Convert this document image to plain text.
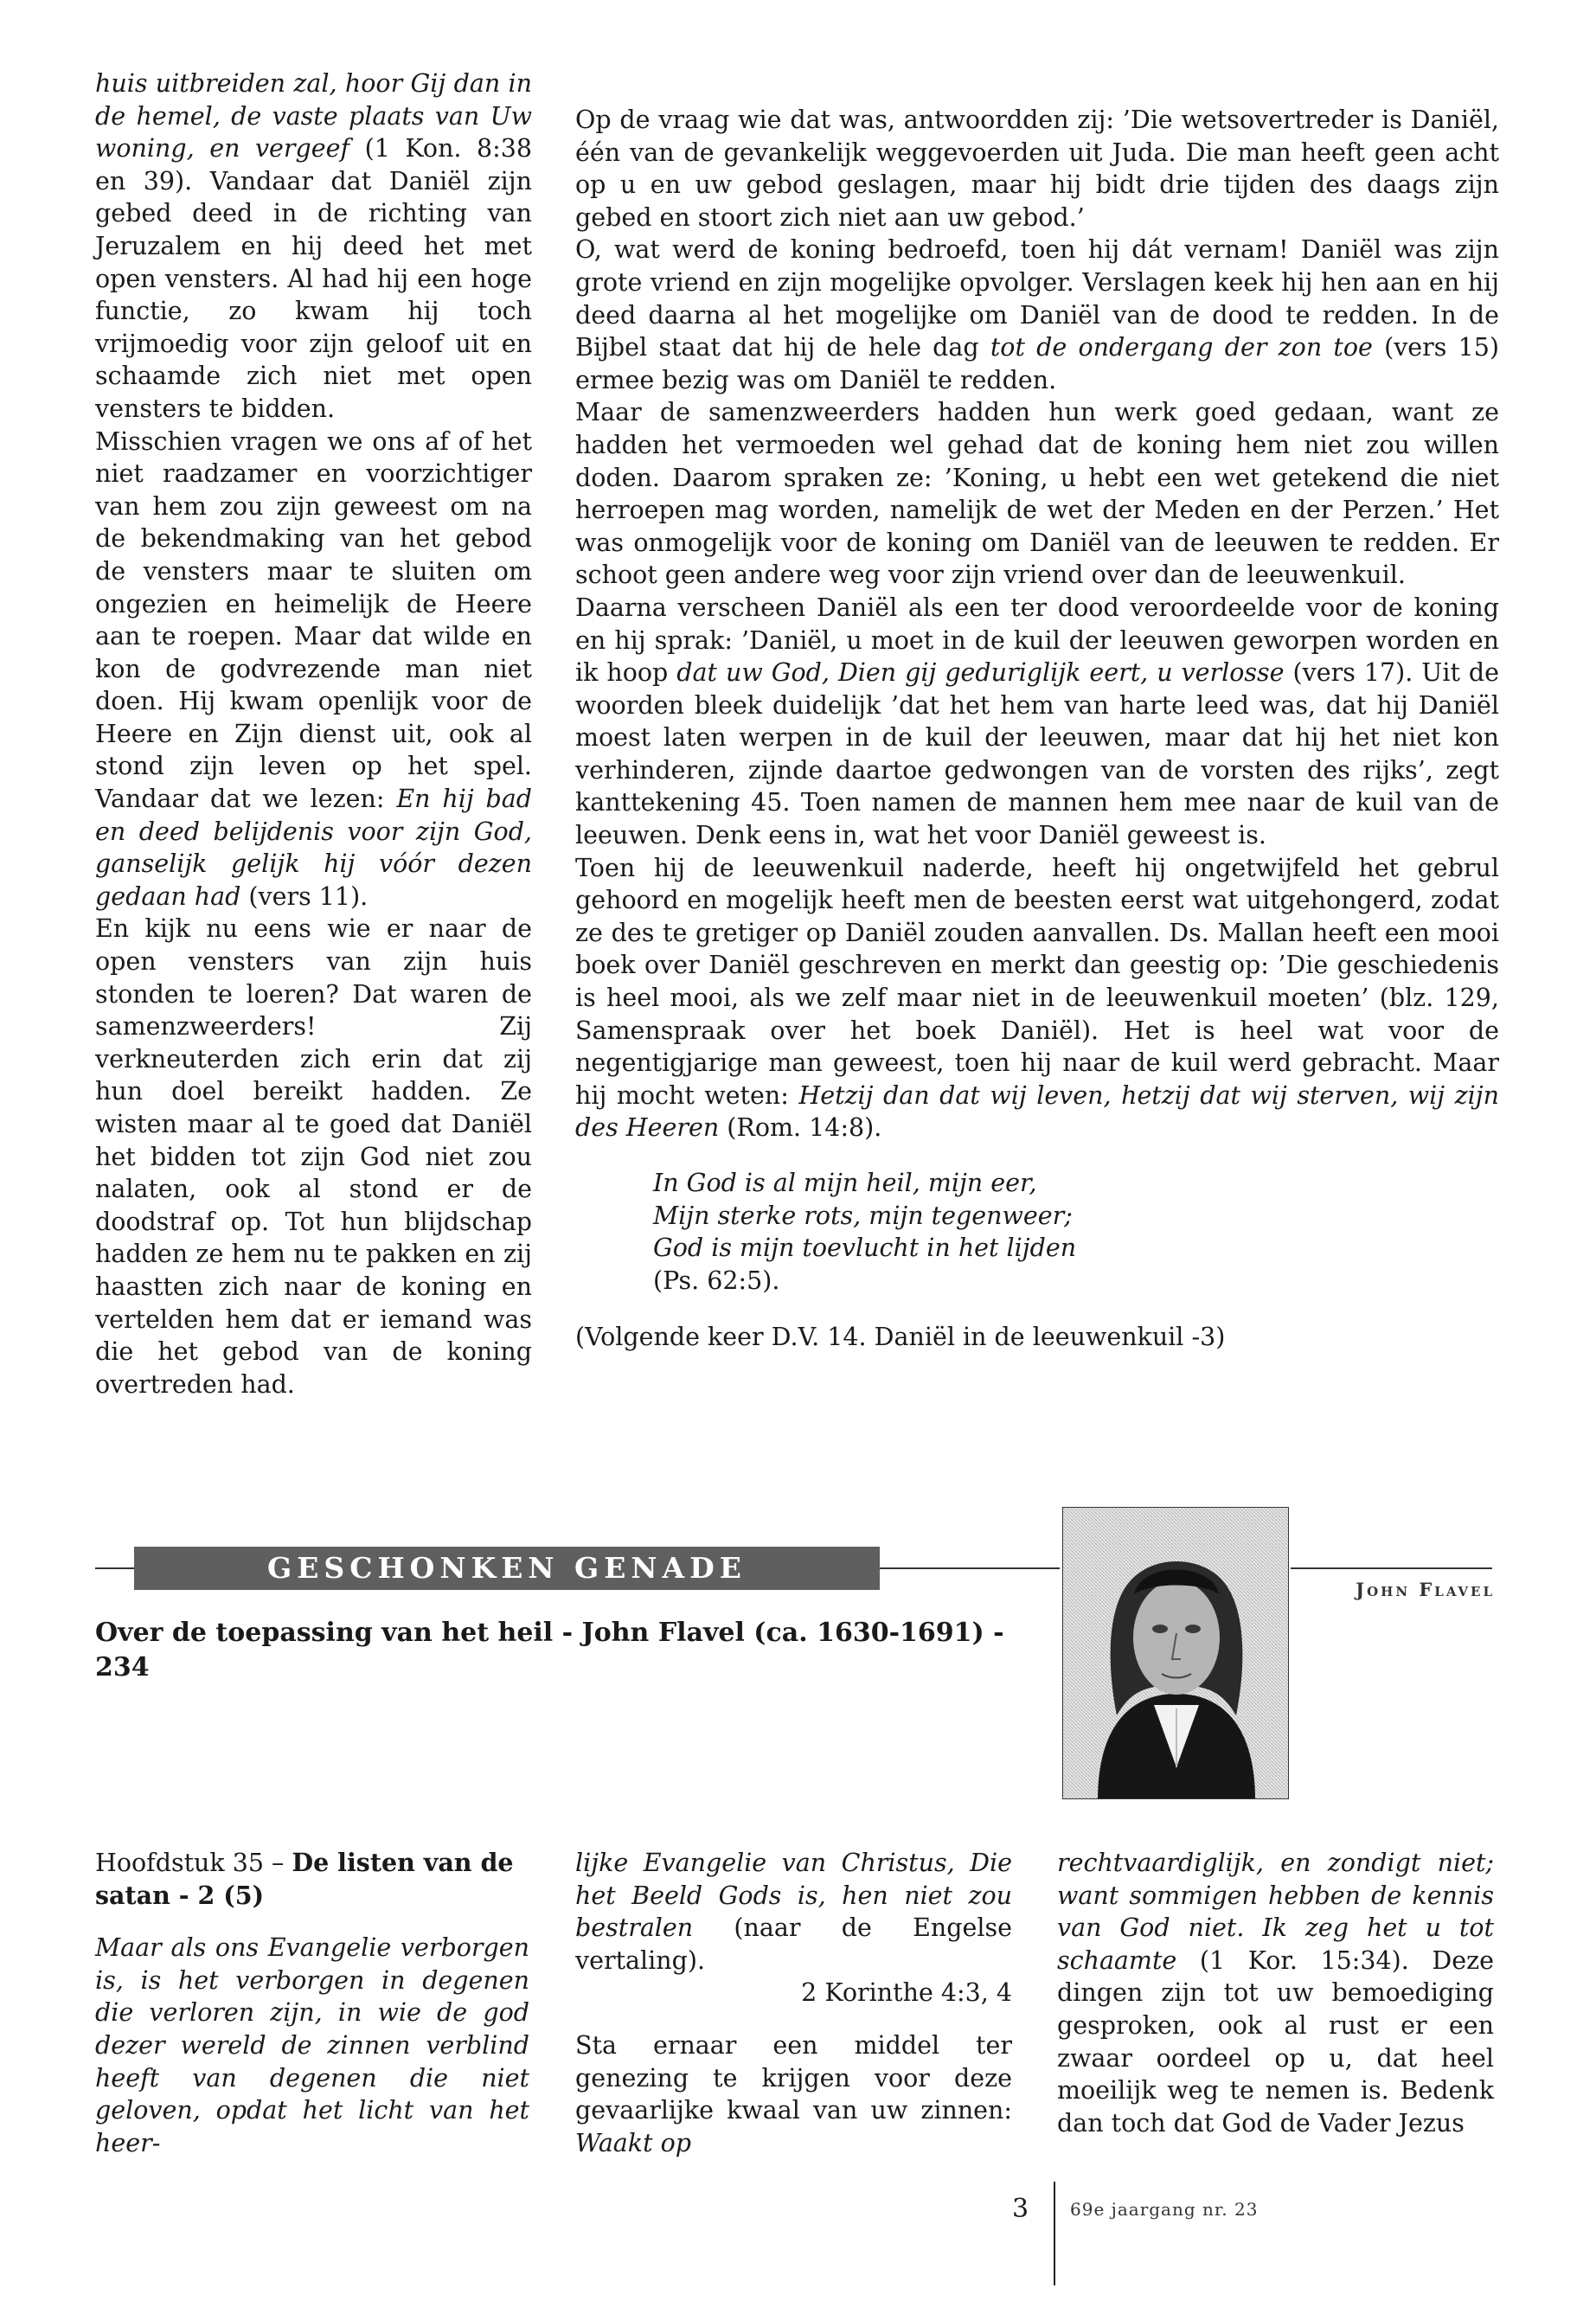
huis uitbreiden zal, hoor Gij dan in de hemel, de vaste plaats van Uw woning, en vergeef (1 Kon. 8:38 en 39). Vandaar dat Daniël zijn gebed deed in de richting van Jeruzalem en hij deed het met open vensters. Al had hij een hoge functie, zo kwam hij toch vrijmoedig voor zijn geloof uit en schaamde zich niet met open vensters te bidden.

Misschien vragen we ons af of het niet raadzamer en voorzichtiger van hem zou zijn geweest om na de bekendmaking van het gebod de vensters maar te sluiten om ongezien en heimelijk de Heere aan te roepen. Maar dat wilde en kon de godvrezende man niet doen. Hij kwam openlijk voor de Heere en Zijn dienst uit, ook al stond zijn leven op het spel. Vandaar dat we lezen: En hij bad en deed belijdenis voor zijn God, ganselijk gelijk hij vóór dezen gedaan had (vers 11).

En kijk nu eens wie er naar de open vensters van zijn huis stonden te loeren? Dat waren de samenzweerders! Zij verkneuterden zich erin dat zij hun doel bereikt hadden. Ze wisten maar al te goed dat Daniël het bidden tot zijn God niet zou nalaten, ook al stond er de doodstraf op. Tot hun blijdschap hadden ze hem nu te pakken en zij haastten zich naar de koning en vertelden hem dat er iemand was die het gebod van de koning overtreden had.

Op de vraag wie dat was, antwoordden zij: ’Die wetsovertreder is Daniël, één van de gevankelijk weggevoerden uit Juda. Die man heeft geen acht op u en uw gebod geslagen, maar hij bidt drie tijden des daags zijn gebed en stoort zich niet aan uw gebod.’

O, wat werd de koning bedroefd, toen hij dát vernam! Daniël was zijn grote vriend en zijn mogelijke opvolger. Verslagen keek hij hen aan en hij deed daarna al het mogelijke om Daniël van de dood te redden. In de Bijbel staat dat hij de hele dag tot de ondergang der zon toe (vers 15) ermee bezig was om Daniël te redden.

Maar de samenzweerders hadden hun werk goed gedaan, want ze hadden het vermoeden wel gehad dat de koning hem niet zou willen doden. Daarom spraken ze: ’Koning, u hebt een wet getekend die niet herroepen mag worden, namelijk de wet der Meden en der Perzen.’ Het was onmogelijk voor de koning om Daniël van de leeuwen te redden. Er schoot geen andere weg voor zijn vriend over dan de leeuwenkuil.

Daarna verscheen Daniël als een ter dood veroordeelde voor de koning en hij sprak: ’Daniël, u moet in de kuil der leeuwen geworpen worden en ik hoop dat uw God, Dien gij geduriglijk eert, u verlosse (vers 17). Uit de woorden bleek duidelijk ’dat het hem van harte leed was, dat hij Daniël moest laten werpen in de kuil der leeuwen, maar dat hij het niet kon verhinderen, zijnde daartoe gedwongen van de vorsten des rijks’, zegt kanttekening 45. Toen namen de mannen hem mee naar de kuil van de leeuwen. Denk eens in, wat het voor Daniël geweest is.

Toen hij de leeuwenkuil naderde, heeft hij ongetwijfeld het gebrul gehoord en mogelijk heeft men de beesten eerst wat uitgehongerd, zodat ze des te gretiger op Daniël zouden aanvallen. Ds. Mallan heeft een mooi boek over Daniël geschreven en merkt dan geestig op: ’Die geschiedenis is heel mooi, als we zelf maar niet in de leeuwenkuil moeten’ (blz. 129, Samenspraak over het boek Daniël). Het is heel wat voor de negentigjarige man geweest, toen hij naar de kuil werd gebracht. Maar hij mocht weten: Hetzij dan dat wij leven, hetzij dat wij sterven, wij zijn des Heeren (Rom. 14:8).

In God is al mijn heil, mijn eer,
Mijn sterke rots, mijn tegenweer;
God is mijn toevlucht in het lijden
(Ps. 62:5).

(Volgende keer D.V. 14. Daniël in de leeuwenkuil -3)

GESCHONKEN GENADE
Over de toepassing van het heil - John Flavel (ca. 1630-1691) - 234
John Flavel

Hoofdstuk 35 – De listen van de satan - 2 (5)

Maar als ons Evangelie verborgen is, is het verborgen in degenen die verloren zijn, in wie de god dezer wereld de zinnen verblind heeft van degenen die niet geloven, opdat het licht van het heer-

lijke Evangelie van Christus, Die het Beeld Gods is, hen niet zou bestralen (naar de Engelse vertaling).

2 Korinthe 4:3, 4

Sta ernaar een middel ter genezing te krijgen voor deze gevaarlijke kwaal van uw zinnen: Waakt op

rechtvaardiglijk, en zondigt niet; want sommigen hebben de kennis van God niet. Ik zeg het u tot schaamte (1 Kor. 15:34). Deze dingen zijn tot uw bemoediging gesproken, ook al rust er een zwaar oordeel op u, dat heel moeilijk weg te nemen is. Bedenk dan toch dat God de Vader Jezus

3 69e jaargang nr. 23
